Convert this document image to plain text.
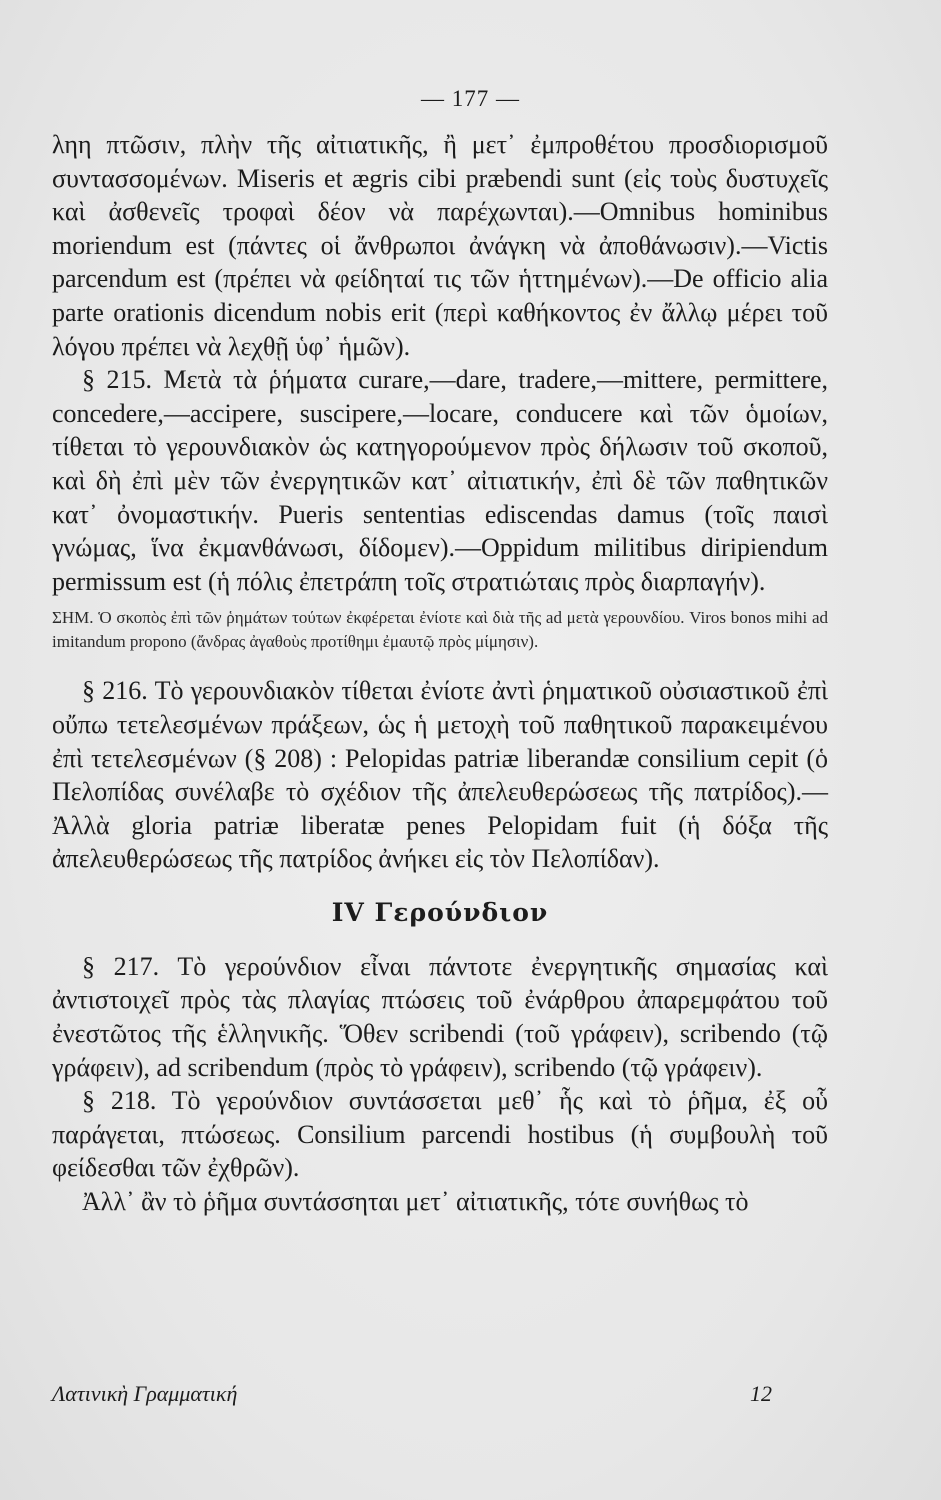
— 177 —

ληη πτῶσιν, πλὴν τῆς αἰτιατικῆς, ἢ μετ᾽ ἐμπροθέτου προσδιορισμοῦ συντασσομένων. Miseris et ægris cibi præbendi sunt (εἰς τοὺς δυστυχεῖς καὶ ἀσθενεῖς τροφαὶ δέον νὰ παρέχωνται).—Omnibus hominibus moriendum est (πάντες οἱ ἄνθρωποι ἀνάγκη νὰ ἀποθάνωσιν).—Victis parcendum est (πρέπει νὰ φείδηταί τις τῶν ἡττημένων).—De officio alia parte orationis dicendum nobis erit (περὶ καθήκοντος ἐν ἄλλῳ μέρει τοῦ λόγου πρέπει νὰ λεχθῇ ὑφ᾽ ἡμῶν).

§ 215. Μετὰ τὰ ῥήματα curare,—dare, tradere,—mittere, permittere, concedere,—accipere, suscipere,—locare, conducere καὶ τῶν ὁμοίων, τίθεται τὸ γερουνδιακὸν ὡς κατηγορούμενον πρὸς δήλωσιν τοῦ σκοποῦ, καὶ δὴ ἐπὶ μὲν τῶν ἐνεργητικῶν κατ᾽ αἰτιατικήν, ἐπὶ δὲ τῶν παθητικῶν κατ᾽ ὀνομαστικήν. Pueris sententias ediscendas damus (τοῖς παισὶ γνώμας, ἵνα ἐκμανθάνωσι, δίδομεν).—Oppidum militibus diripiendum permissum est (ἡ πόλις ἐπετράπη τοῖς στρατιώταις πρὸς διαρπαγήν).

ΣΗΜ. Ὁ σκοπὸς ἐπὶ τῶν ῥημάτων τούτων ἐκφέρεται ἐνίοτε καὶ διὰ τῆς ad μετὰ γερουνδίου. Viros bonos mihi ad imitandum propono (ἄνδρας ἀγαθοὺς προτίθημι ἐμαυτῷ πρὸς μίμησιν).

§ 216. Τὸ γερουνδιακὸν τίθεται ἐνίοτε ἀντὶ ῥηματικοῦ οὐσιαστικοῦ ἐπὶ οὔπω τετελεσμένων πράξεων, ὡς ἡ μετοχὴ τοῦ παθητικοῦ παρακειμένου ἐπὶ τετελεσμένων (§ 208) : Pelopidas patriæ liberandæ consilium cepit (ὁ Πελοπίδας συνέλαβε τὸ σχέδιον τῆς ἀπελευθερώσεως τῆς πατρίδος).—Ἀλλὰ gloria patriæ liberatæ penes Pelopidam fuit (ἡ δόξα τῆς ἀπελευθερώσεως τῆς πατρίδος ἀνήκει εἰς τὸν Πελοπίδαν).

IV Γερούνδιον

§ 217. Τὸ γερούνδιον εἶναι πάντοτε ἐνεργητικῆς σημασίας καὶ ἀντιστοιχεῖ πρὸς τὰς πλαγίας πτώσεις τοῦ ἐνάρθρου ἀπαρεμφάτου τοῦ ἐνεστῶτος τῆς ἑλληνικῆς. Ὅθεν scribendi (τοῦ γράφειν), scribendo (τῷ γράφειν), ad scribendum (πρὸς τὸ γράφειν), scribendo (τῷ γράφειν).

§ 218. Τὸ γερούνδιον συντάσσεται μεθ᾽ ἧς καὶ τὸ ῥῆμα, ἐξ οὗ παράγεται, πτώσεως. Consilium parcendi hostibus (ἡ συμβουλὴ τοῦ φείδεσθαι τῶν ἐχθρῶν).

Ἀλλ᾽ ἂν τὸ ῥῆμα συντάσσηται μετ᾽ αἰτιατικῆς, τότε συνήθως τὸ

Λατινικὴ Γραμματική	12
